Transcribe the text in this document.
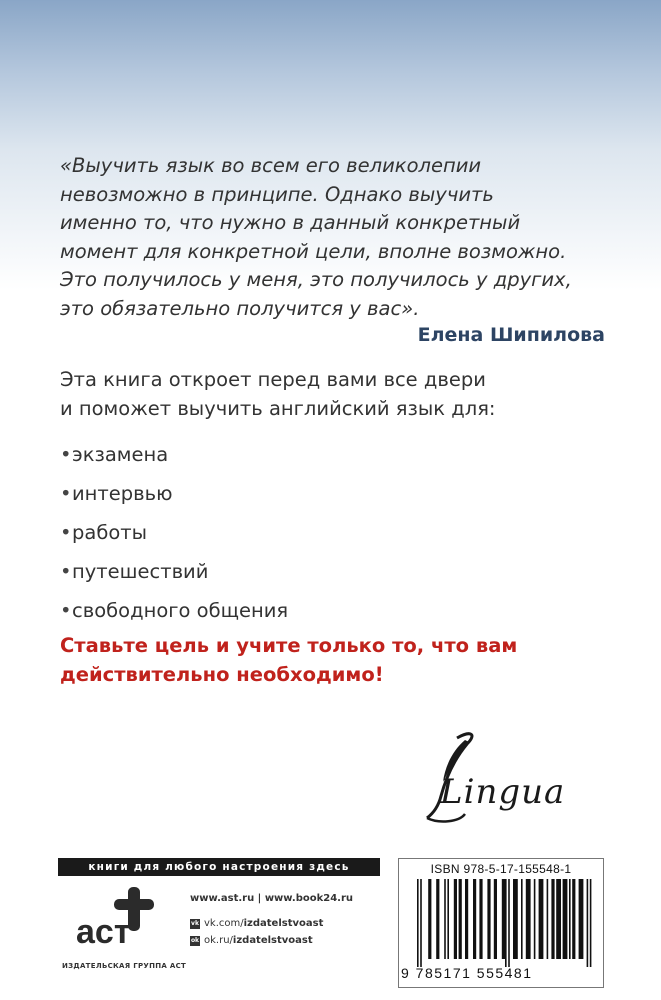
«Выучить язык во всем его великолепии
невозможно в принципе. Однако выучить
именно то, что нужно в данный конкретный
момент для конкретной цели, вполне возможно.
Это получилось у меня, это получилось у других,
это обязательно получится у вас».
Елена Шипилова
Эта книга откроет перед вами все двери
и поможет выучить английский язык для:
• экзамена
• интервью
• работы
• путешествий
• свободного общения
Ставьте цель и учите только то, что вам
действительно необходимо!
Lingua
книги для любого настроения здесь
аст
ИЗДАТЕЛЬСКАЯ ГРУППА АСТ
www.ast.ru | www.book24.ru
vk vk.com/ izdatelstvoast
ok ok.ru/ izdatelstvoast
ISBN 978-5-17-155548-1
9 785171 555481
